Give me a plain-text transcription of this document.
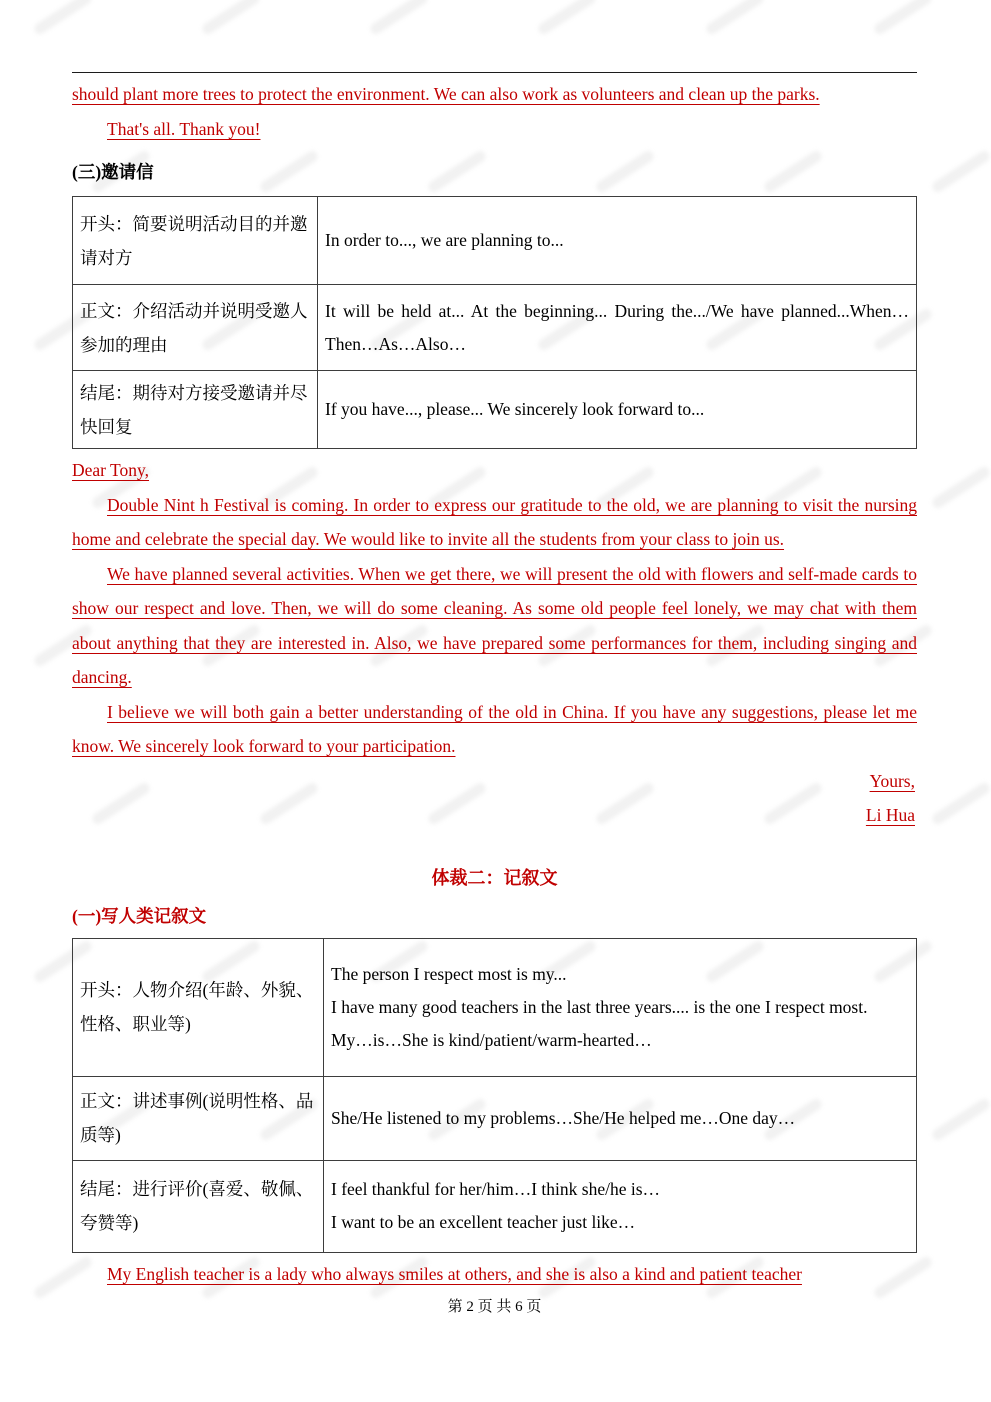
should plant more trees to protect the environment. We can also work as volunteers and clean up the parks.

That's all. Thank you!

(三)邀请信
开头：简要说明活动目的并邀请对方	In order to..., we are planning to...
正文：介绍活动并说明受邀人参加的理由	It will be held at... At the beginning... During the.../We have planned...When…Then…As…Also…
结尾：期待对方接受邀请并尽快回复	If you have..., please... We sincerely look forward to...

Dear Tony,

Double Nint h Festival is coming. In order to express our gratitude to the old, we are planning to visit the nursing home and celebrate the special day. We would like to invite all the students from your class to join us.

We have planned several activities. When we get there, we will present the old with flowers and self-made cards to show our respect and love. Then, we will do some cleaning. As some old people feel lonely, we may chat with them about anything that they are interested in. Also, we have prepared some performances for them, including singing and dancing.

I believe we will both gain a better understanding of the old in China. If you have any suggestions, please let me know. We sincerely look forward to your participation.

Yours,

Li Hua

体裁二：记叙文
(一)写人类记叙文
开头：人物介绍(年龄、外貌、性格、职业等)	The person I respect most is my...
I have many good teachers in the last three years.... is the one I respect most.
My…is…She is kind/patient/warm-hearted…

正文：讲述事例(说明性格、品质等)	She/He listened to my problems…She/He helped me…One day…

结尾：进行评价(喜爱、敬佩、夸赞等)	I feel thankful for her/him…I think she/he is…
I want to be an excellent teacher just like…

My English teacher is a lady who always smiles at others, and she is also a kind and patient teacher

第 2 页 共 6 页
